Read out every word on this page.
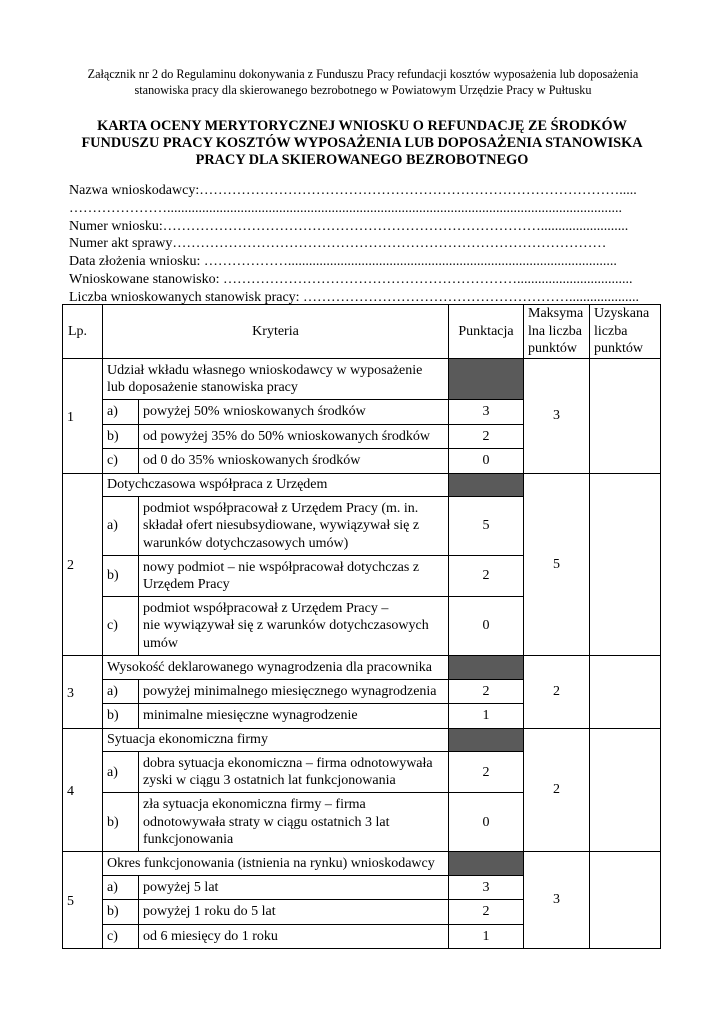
Załącznik nr 2 do Regulaminu dokonywania z Funduszu Pracy refundacji kosztów wyposażenia lub doposażenia stanowiska pracy dla skierowanego bezrobotnego w Powiatowym Urzędzie Pracy w Pułtusku
KARTA OCENY MERYTORYCZNEJ WNIOSKU O REFUNDACJĘ ZE ŚRODKÓW FUNDUSZU PRACY KOSZTÓW WYPOSAŻENIA LUB DOPOSAŻENIA STANOWISKA PRACY DLA SKIEROWANEGO BEZROBOTNEGO
Nazwa wnioskodawcy:……………………………………………………………………………….....
…………………..................................................................................................................................
Numer wniosku:……………………………………………………………………….........................
Numer akt sprawy…………………………………………………………………………………
Data złożenia wniosku: ………………..............................................................................................
Wnioskowane stanowisko: ……………………………………………………….................................
Liczba wnioskowanych stanowisk pracy: …………………………………………………....................
Lp.	Kryteria		Punktacja	Maksyma
lna liczba
punktów	Uzyskana
liczba
punktów
1	Udział wkładu własnego wnioskodawcy w wyposażenie
lub doposażenie stanowiska pracy			3	
	a)	powyżej 50% wnioskowanych środków	3		
	b)	od powyżej 35% do 50% wnioskowanych środków	2		
	c)	od 0 do 35% wnioskowanych środków	0		
2	Dotychczasowa współpraca z Urzędem			5	
	a)	podmiot współpracował z Urzędem Pracy (m. in.
składał ofert niesubsydiowane, wywiązywał się z
warunków dotychczasowych umów)	5		
	b)	nowy podmiot – nie współpracował dotychczas z
Urzędem Pracy	2		
	c)	podmiot współpracował z Urzędem Pracy –
nie wywiązywał się z warunków dotychczasowych
umów	0		
3	Wysokość deklarowanego wynagrodzenia dla pracownika			2	
	a)	powyżej minimalnego miesięcznego wynagrodzenia	2		
	b)	minimalne miesięczne wynagrodzenie	1		
4	Sytuacja ekonomiczna firmy			2	
	a)	dobra sytuacja ekonomiczna – firma odnotowywała
zyski w ciągu 3 ostatnich lat funkcjonowania	2		
	b)	zła sytuacja ekonomiczna firmy – firma
odnotowywała straty w ciągu ostatnich 3 lat
funkcjonowania	0		
5	Okres funkcjonowania (istnienia na rynku) wnioskodawcy			3	
	a)	powyżej 5 lat	3		
	b)	powyżej 1 roku do 5 lat	2		
	c)	od 6 miesięcy do 1 roku	1		
